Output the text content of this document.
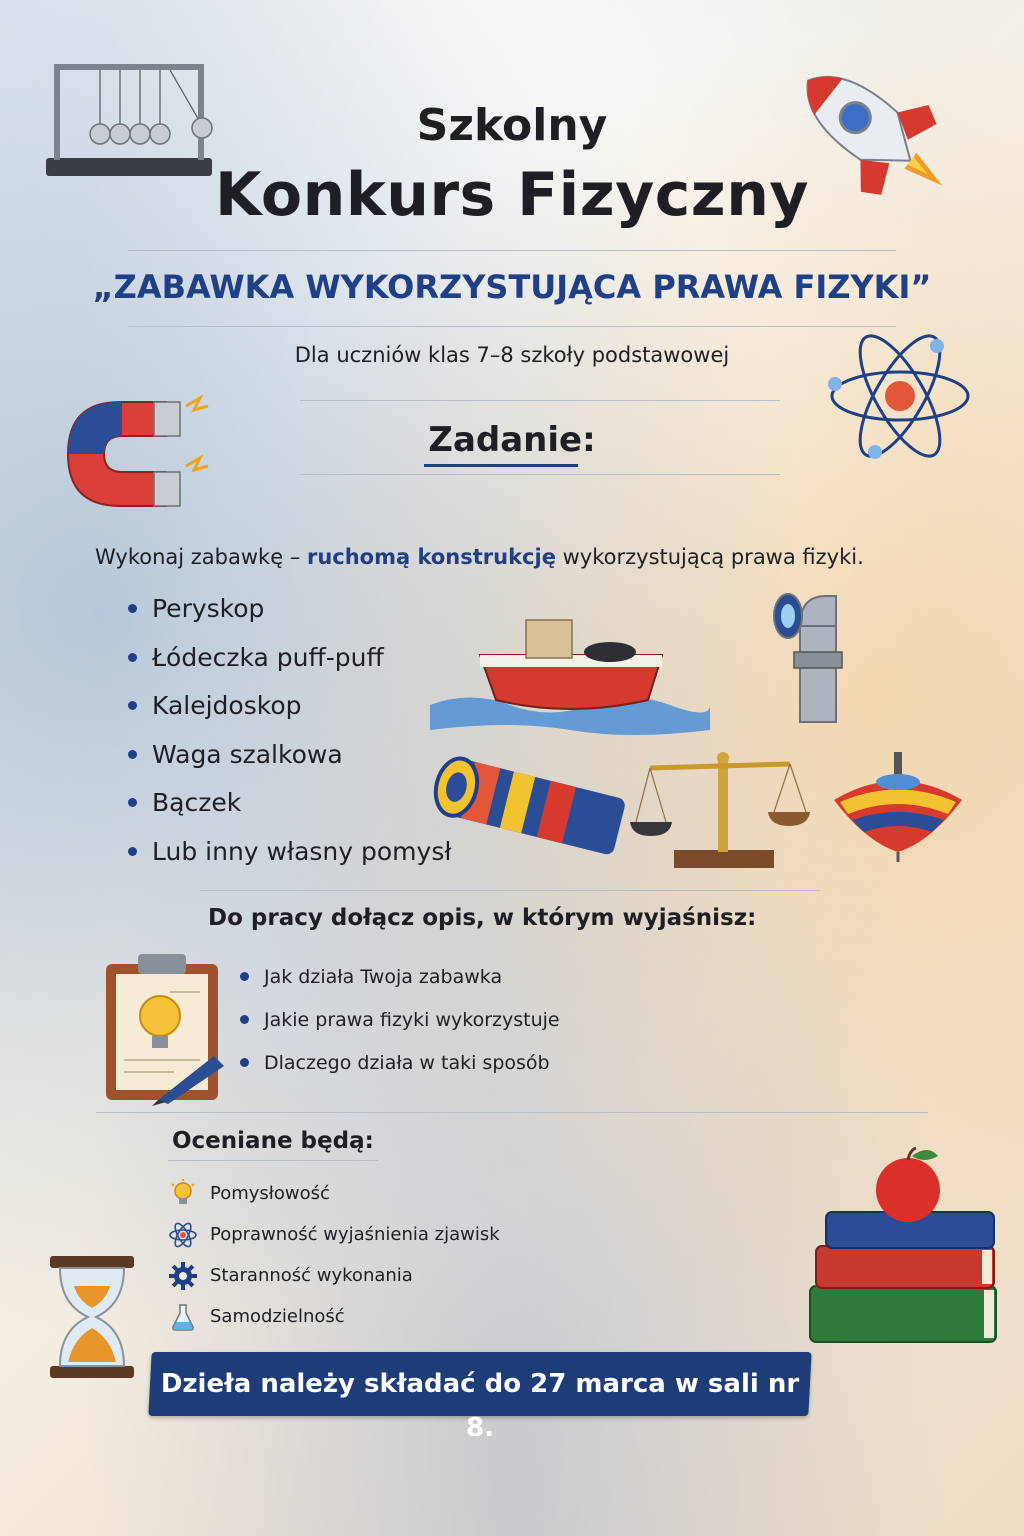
Szkolny
Konkurs Fizyczny
„ZABAWKA WYKORZYSTUJĄCA PRAWA FIZYKI”
Dla uczniów klas 7–8 szkoły podstawowej
Zadanie:
Wykonaj zabawkę – ruchomą konstrukcję wykorzystującą prawa fizyki.
Peryskop
Łódeczka puff-puff
Kalejdoskop
Waga szalkowa
Bączek
Lub inny własny pomysł
Do pracy dołącz opis, w którym wyjaśnisz:
Jak działa Twoja zabawka
Jakie prawa fizyki wykorzystuje
Dlaczego działa w taki sposób
Oceniane będą:
Pomysłowość
Poprawność wyjaśnienia zjawisk
Staranność wykonania
Samodzielność
Dzieła należy składać do 27 marca w sali nr 8.
